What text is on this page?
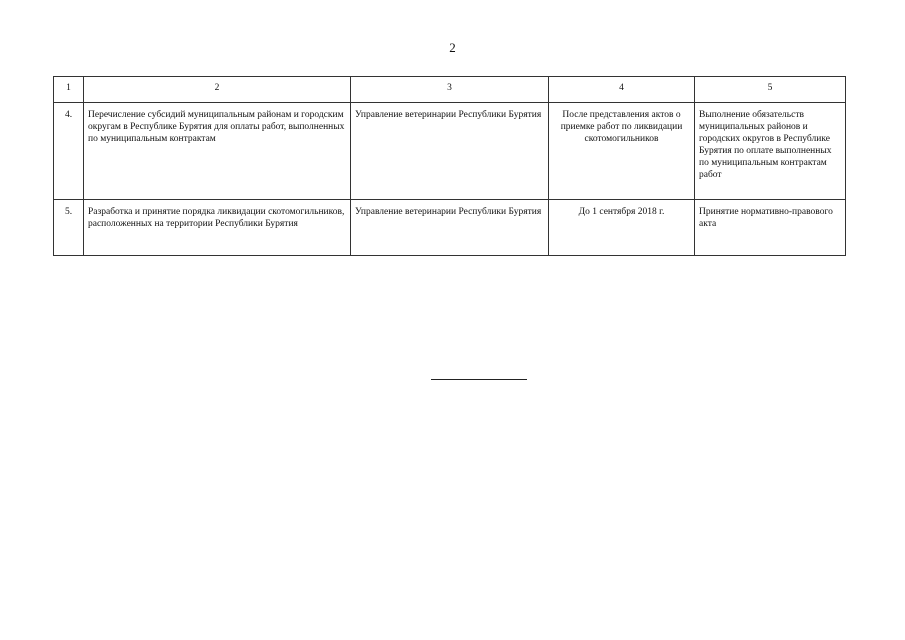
2
1	2	3	4	5
4.	Перечисление субсидий муниципальным районам и городским округам в Республике Бурятия для оплаты работ, выполненных по муниципальным контрактам	Управление ветеринарии Республики Бурятия	После представления актов о приемке работ по ликвидации скотомогильников	Выполнение обязательств муниципальных районов и городских округов в Республике Бурятия по оплате выполненных по муниципальным контрактам работ
5.	Разработка и принятие порядка ликвидации скотомогильников, расположенных на территории Республики Бурятия	Управление ветеринарии Республики Бурятия	До 1 сентября 2018 г.	Принятие нормативно-правового акта
